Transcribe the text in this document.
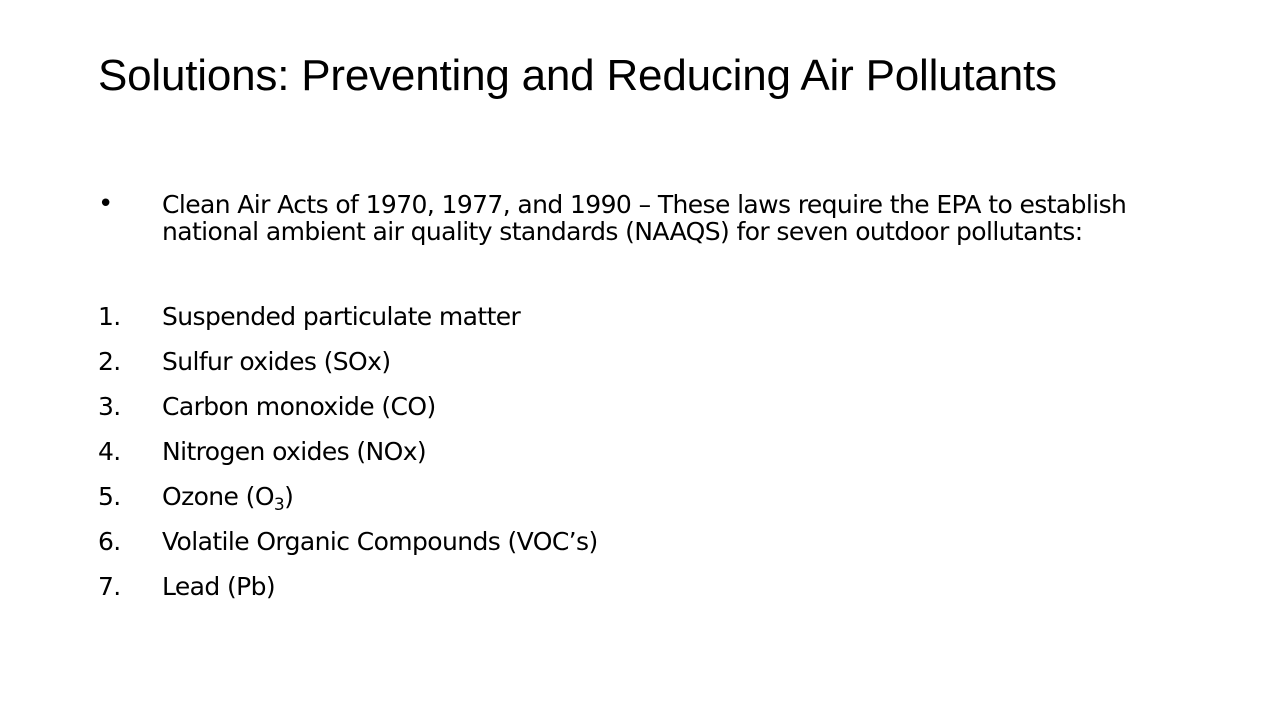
Solutions: Preventing and Reducing Air Pollutants
• Clean Air Acts of 1970, 1977, and 1990 – These laws require the EPA to establish national ambient air quality standards (NAAQS) for seven outdoor pollutants:
1. Suspended particulate matter
2. Sulfur oxides (SOx)
3. Carbon monoxide (CO)
4. Nitrogen oxides (NOx)
5. Ozone $(O_3)$
6. Volatile Organic Compounds (VOC’s)
7. Lead (Pb)
